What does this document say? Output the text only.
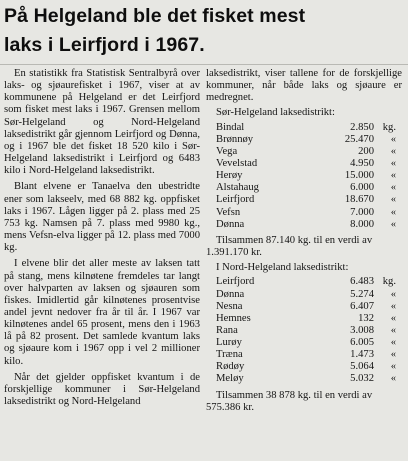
På Helgeland ble det fisket mest
laks i Leirfjord i 1967.

En statistikk fra Statistisk Sentralbyrå over laks- og sjøaurefisket i 1967, viser at av kommunene på Helgeland er det Leirfjord som fisket mest laks i 1967. Grensen mellom Sør-Helgeland og Nord-Helgeland laksedistrikt går gjennom Leirfjord og Dønna, og i 1967 ble det fisket 18 520 kilo i Sør-Helgeland laksedistrikt i Leirfjord og 6483 kilo i Nord-Helgeland laksedistrikt.

Blant elvene er Tanaelva den ubestridte ener som lakseelv, med 68 882 kg. oppfisket laks i 1967. Lågen ligger på 2. plass med 25 753 kg. Namsen på 7. plass med 9980 kg., mens Vefsn-elva ligger på 12. plass med 7000 kg.

I elvene blir det aller meste av laksen tatt på stang, mens kilnøtene fremdeles tar langt over halvparten av laksen og sjøauren som fiskes. Imidlertid går kilnøtenes prosentvise andel jevnt nedover fra år til år. I 1967 var kilnøtenes andel 65 prosent, mens den i 1963 lå på 82 prosent. Det samlede kvantum laks og sjøaure kom i 1967 opp i vel 2 millioner kilo.

Når det gjelder oppfisket kvantum i de forskjellige kommuner i Sør-Helgeland laksedistrikt og Nord-Helgeland

laksedistrikt, viser tallene for de forskjellige kommuner, når både laks og sjøaure er medregnet.

Sør-Helgeland laksedistrikt:
Bindal	2.850 kg.
Brønnøy	25.470	«
Vega	200	«
Vevelstad	4.950	«
Herøy	15.000	«
Alstahaug	6.000	«
Leirfjord	18.670	«
Vefsn	7.000	«
Dønna	8.000	«

Tilsammen 87.140 kg. til en verdi av 1.391.170 kr.

I Nord-Helgeland laksedistrikt:
Leirfjord	6.483 kg.
Dønna	5.274	«
Nesna	6.407	«
Hemnes	132	«
Rana	3.008	«
Lurøy	6.005	«
Træna	1.473	«
Rødøy	5.064	«
Meløy	5.032	«

Tilsammen 38 878 kg. til en verdi av 575.386 kr.
